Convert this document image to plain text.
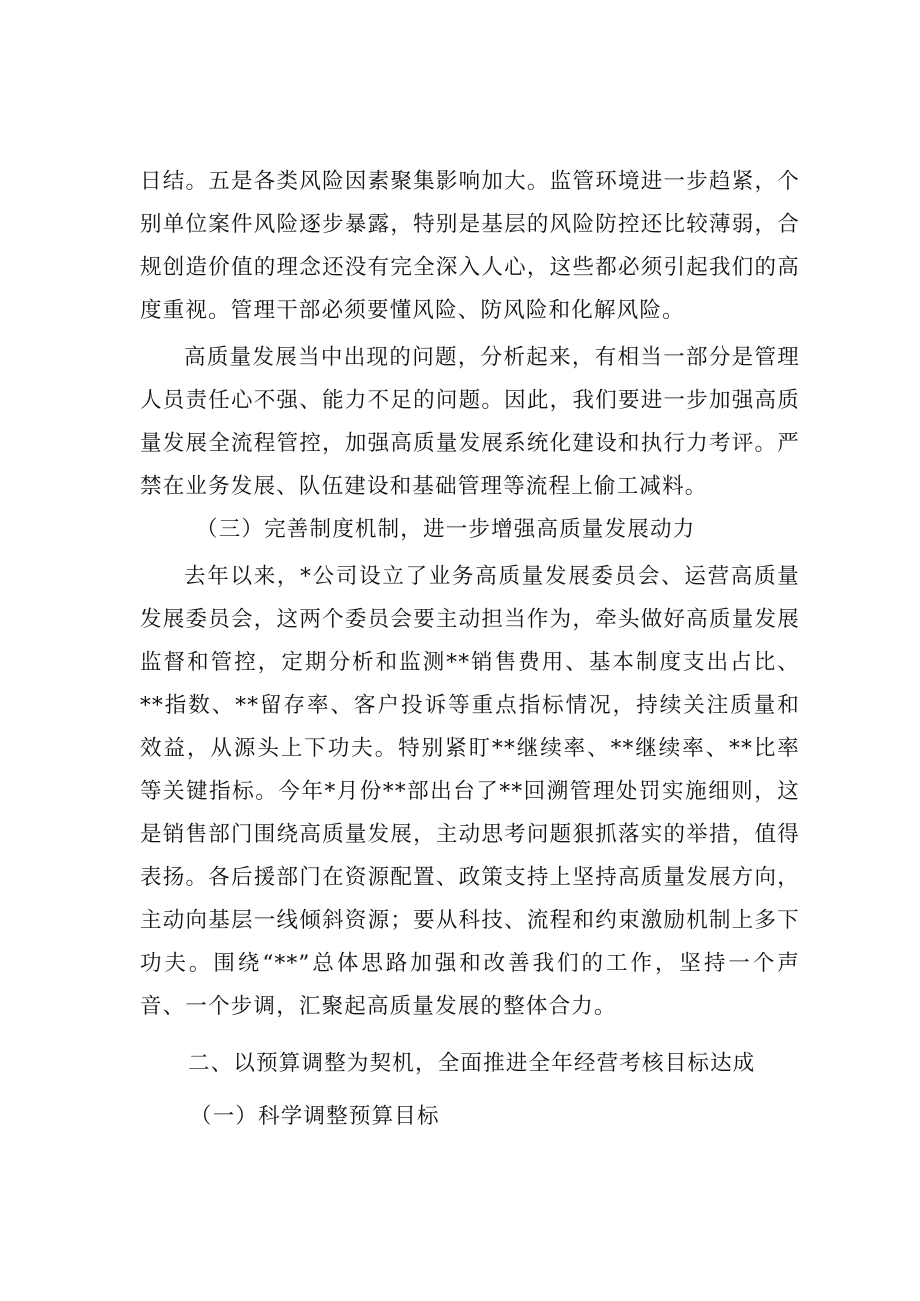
日结。五是各类风险因素聚集影响加大。监管环境进一步趋紧，个别单位案件风险逐步暴露，特别是基层的风险防控还比较薄弱，合规创造价值的理念还没有完全深入人心，这些都必须引起我们的高度重视。管理干部必须要懂风险、防风险和化解风险。

高质量发展当中出现的问题，分析起来，有相当一部分是管理人员责任心不强、能力不足的问题。因此，我们要进一步加强高质量发展全流程管控，加强高质量发展系统化建设和执行力考评。严禁在业务发展、队伍建设和基础管理等流程上偷工减料。

（三）完善制度机制，进一步增强高质量发展动力

去年以来，*公司设立了业务高质量发展委员会、运营高质量发展委员会，这两个委员会要主动担当作为，牵头做好高质量发展监督和管控，定期分析和监测**销售费用、基本制度支出占比、**指数、**留存率、客户投诉等重点指标情况，持续关注质量和效益，从源头上下功夫。特别紧盯**继续率、**继续率、**比率等关键指标。今年*月份**部出台了**回溯管理处罚实施细则，这是销售部门围绕高质量发展，主动思考问题狠抓落实的举措，值得表扬。各后援部门在资源配置、政策支持上坚持高质量发展方向，主动向基层一线倾斜资源；要从科技、流程和约束激励机制上多下功夫。围绕“**”总体思路加强和改善我们的工作，坚持一个声音、一个步调，汇聚起高质量发展的整体合力。

二、以预算调整为契机，全面推进全年经营考核目标达成

（一）科学调整预算目标
